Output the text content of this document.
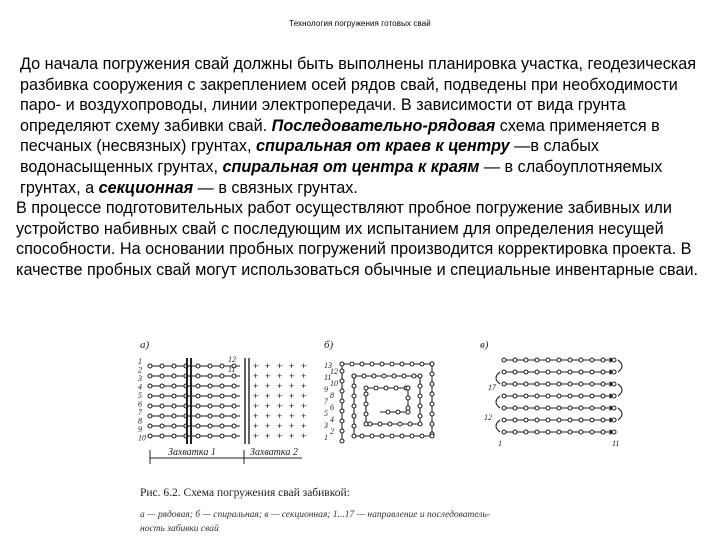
Технология погружения готовых свай

До начала погружения свай должны быть выполнены планировка участка, геодезическая разбивка сооружения с закреплением осей рядов свай, подведены при необходимости паро- и воздухопроводы, линии электропередачи. В зависимости от вида грунта определяют схему забивки свай. Последовательно-рядовая схема применяется в песчаных (несвязных) грунтах, спиральная от краев к центру —в слабых водонасыщенных грунтах, спиральная от центра к краям — в слабоуплотняемых грунтах, а секционная — в связных грунтах.

В процессе подготовительных работ осуществляют пробное погружение забивных или устройство набивных свай с последующим их испытанием для определения несущей способности. На основании пробных погружений производится корректировка проекта. В качестве пробных свай могут использоваться обычные и специальные инвентарные сваи.

а)
+ + + + +
+ + + + +
+ + + + +
+ + + + +
+ + + + +
+ + + + +
+ + + + +
+ + + + +
1
2
3
4
5
6
7
8
9
10
12
11
Захватка 1	Захватка 2
б)
13
12
11
10
9
8
7
6
5
4
3
2
1
в)
17
12
1	11
Рис. 6.2. Схема погружения свай забивкой:
а — рядовая; б — спиральная; в — секционная; 1...17 — направление и последователь-
ность забивки свай
